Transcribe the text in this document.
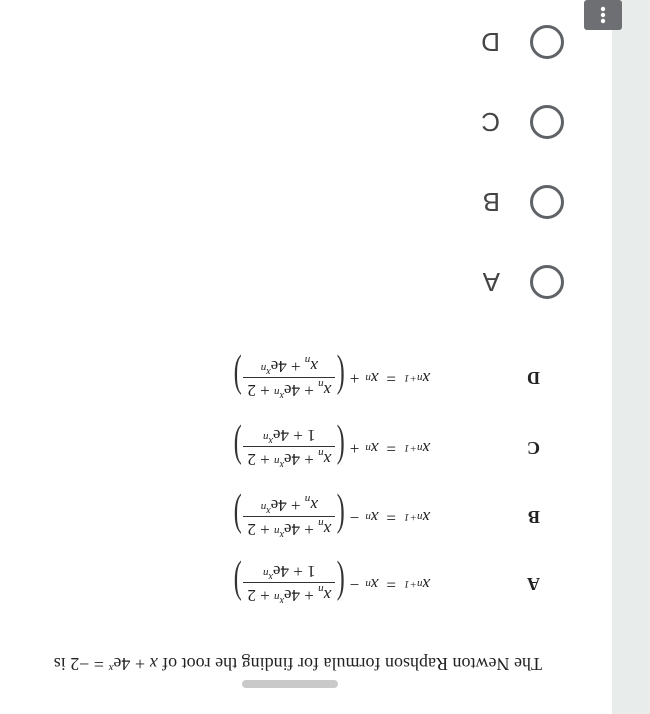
The Newton Raphson formula for finding the root of $x + 4e^x = -2$ is
A
x
n+1
=
x
n
−
(
$x_n + 4e^{xn} + 2$
$1 + 4e^{xn}$
)
B
x
n+1
=
x
n
−
(
$x_n + 4e^{xn} + 2$
$x_n + 4e^{xn}$
)
C
x
n+1
=
x
n
+
(
$x_n + 4e^{xn} + 2$
$1 + 4e^{xn}$
)
D
x
n+1
=
x
n
+
(
$x_n + 4e^{xn} + 2$
$x_n + 4e^{xn}$
)
A
B
C
D
